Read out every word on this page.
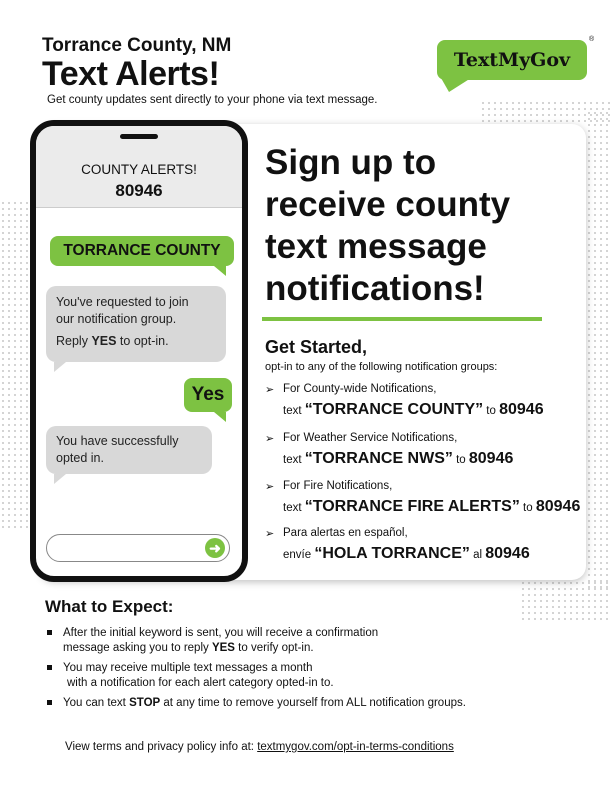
Torrance County, NM
Text Alerts!
Get county updates sent directly to your phone via text message.
TextMyGov
®
COUNTY ALERTS!
80946
TORRANCE COUNTY
You've requested to join
our notification group.
Reply YES to opt-in.
Yes
You have successfully
opted in.
➜
Sign up to
receive county
text message
notifications!
Get Started,
opt-in to any of the following notification groups:
➢ For County-wide Notifications,
text “TORRANCE COUNTY” to 80946
➢ For Weather Service Notifications,
text “TORRANCE NWS” to 80946
➢ For Fire Notifications,
text “TORRANCE FIRE ALERTS” to 80946
➢ Para alertas en español,
envíe “HOLA TORRANCE” al 80946
What to Expect:
After the initial keyword is sent, you will receive a confirmation
message asking you to reply YES to verify opt-in.
You may receive multiple text messages a month
with a notification for each alert category opted-in to.
You can text STOP at any time to remove yourself from ALL notification groups.
View terms and privacy policy info at: textmygov.com/opt-in-terms-conditions
